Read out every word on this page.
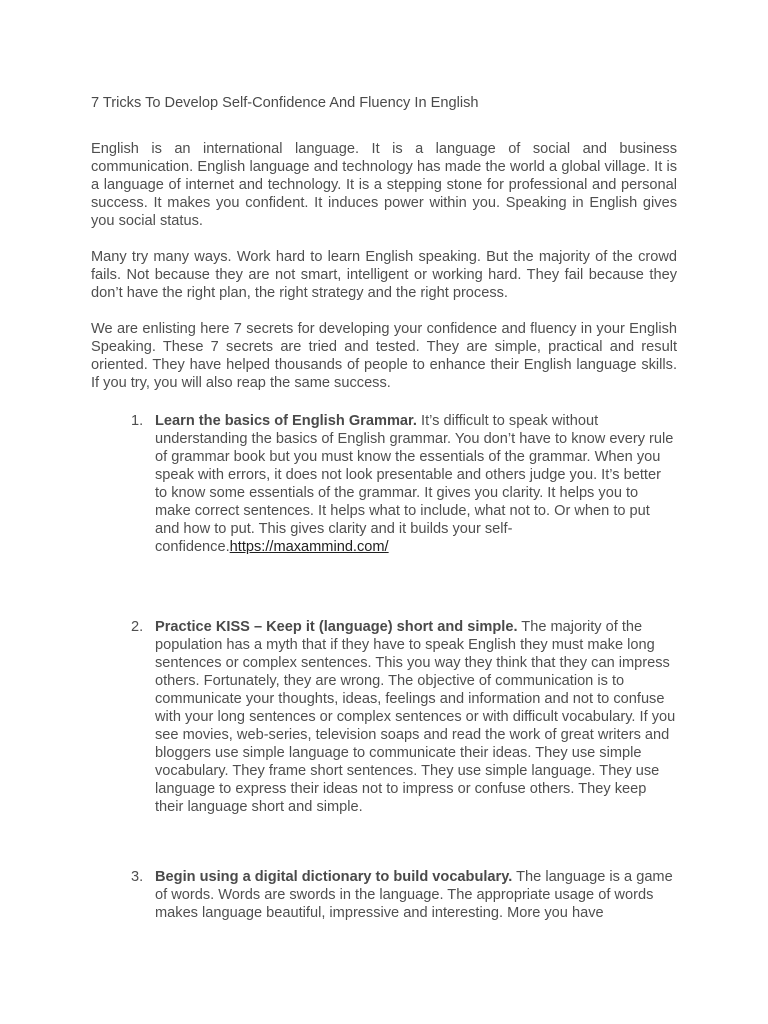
7 Tricks To Develop Self-Confidence And Fluency In English

English is an international language. It is a language of social and business communication. English language and technology has made the world a global village. It is a language of internet and technology. It is a stepping stone for professional and personal success. It makes you confident. It induces power within you. Speaking in English gives you social status.

Many try many ways. Work hard to learn English speaking. But the majority of the crowd fails. Not because they are not smart, intelligent or working hard. They fail because they don’t have the right plan, the right strategy and the right process.

We are enlisting here 7 secrets for developing your confidence and fluency in your English Speaking. These 7 secrets are tried and tested. They are simple, practical and result oriented. They have helped thousands of people to enhance their English language skills. If you try, you will also reap the same success.

1. Learn the basics of English Grammar. It’s difficult to speak without understanding the basics of English grammar. You don’t have to know every rule of grammar book but you must know the essentials of the grammar. When you speak with errors, it does not look presentable and others judge you. It’s better to know some essentials of the grammar. It gives you clarity. It helps you to make correct sentences. It helps what to include, what not to. Or when to put and how to put. This gives clarity and it builds your self-confidence.https://maxammind.com/
2. Practice KISS – Keep it (language) short and simple. The majority of the population has a myth that if they have to speak English they must make long sentences or complex sentences. This you way they think that they can impress others. Fortunately, they are wrong. The objective of communication is to communicate your thoughts, ideas, feelings and information and not to confuse with your long sentences or complex sentences or with difficult vocabulary. If you see movies, web-series, television soaps and read the work of great writers and bloggers use simple language to communicate their ideas. They use simple vocabulary. They frame short sentences. They use simple language. They use language to express their ideas not to impress or confuse others. They keep their language short and simple.
3. Begin using a digital dictionary to build vocabulary. The language is a game of words. Words are swords in the language. The appropriate usage of words makes language beautiful, impressive and interesting. More you have
